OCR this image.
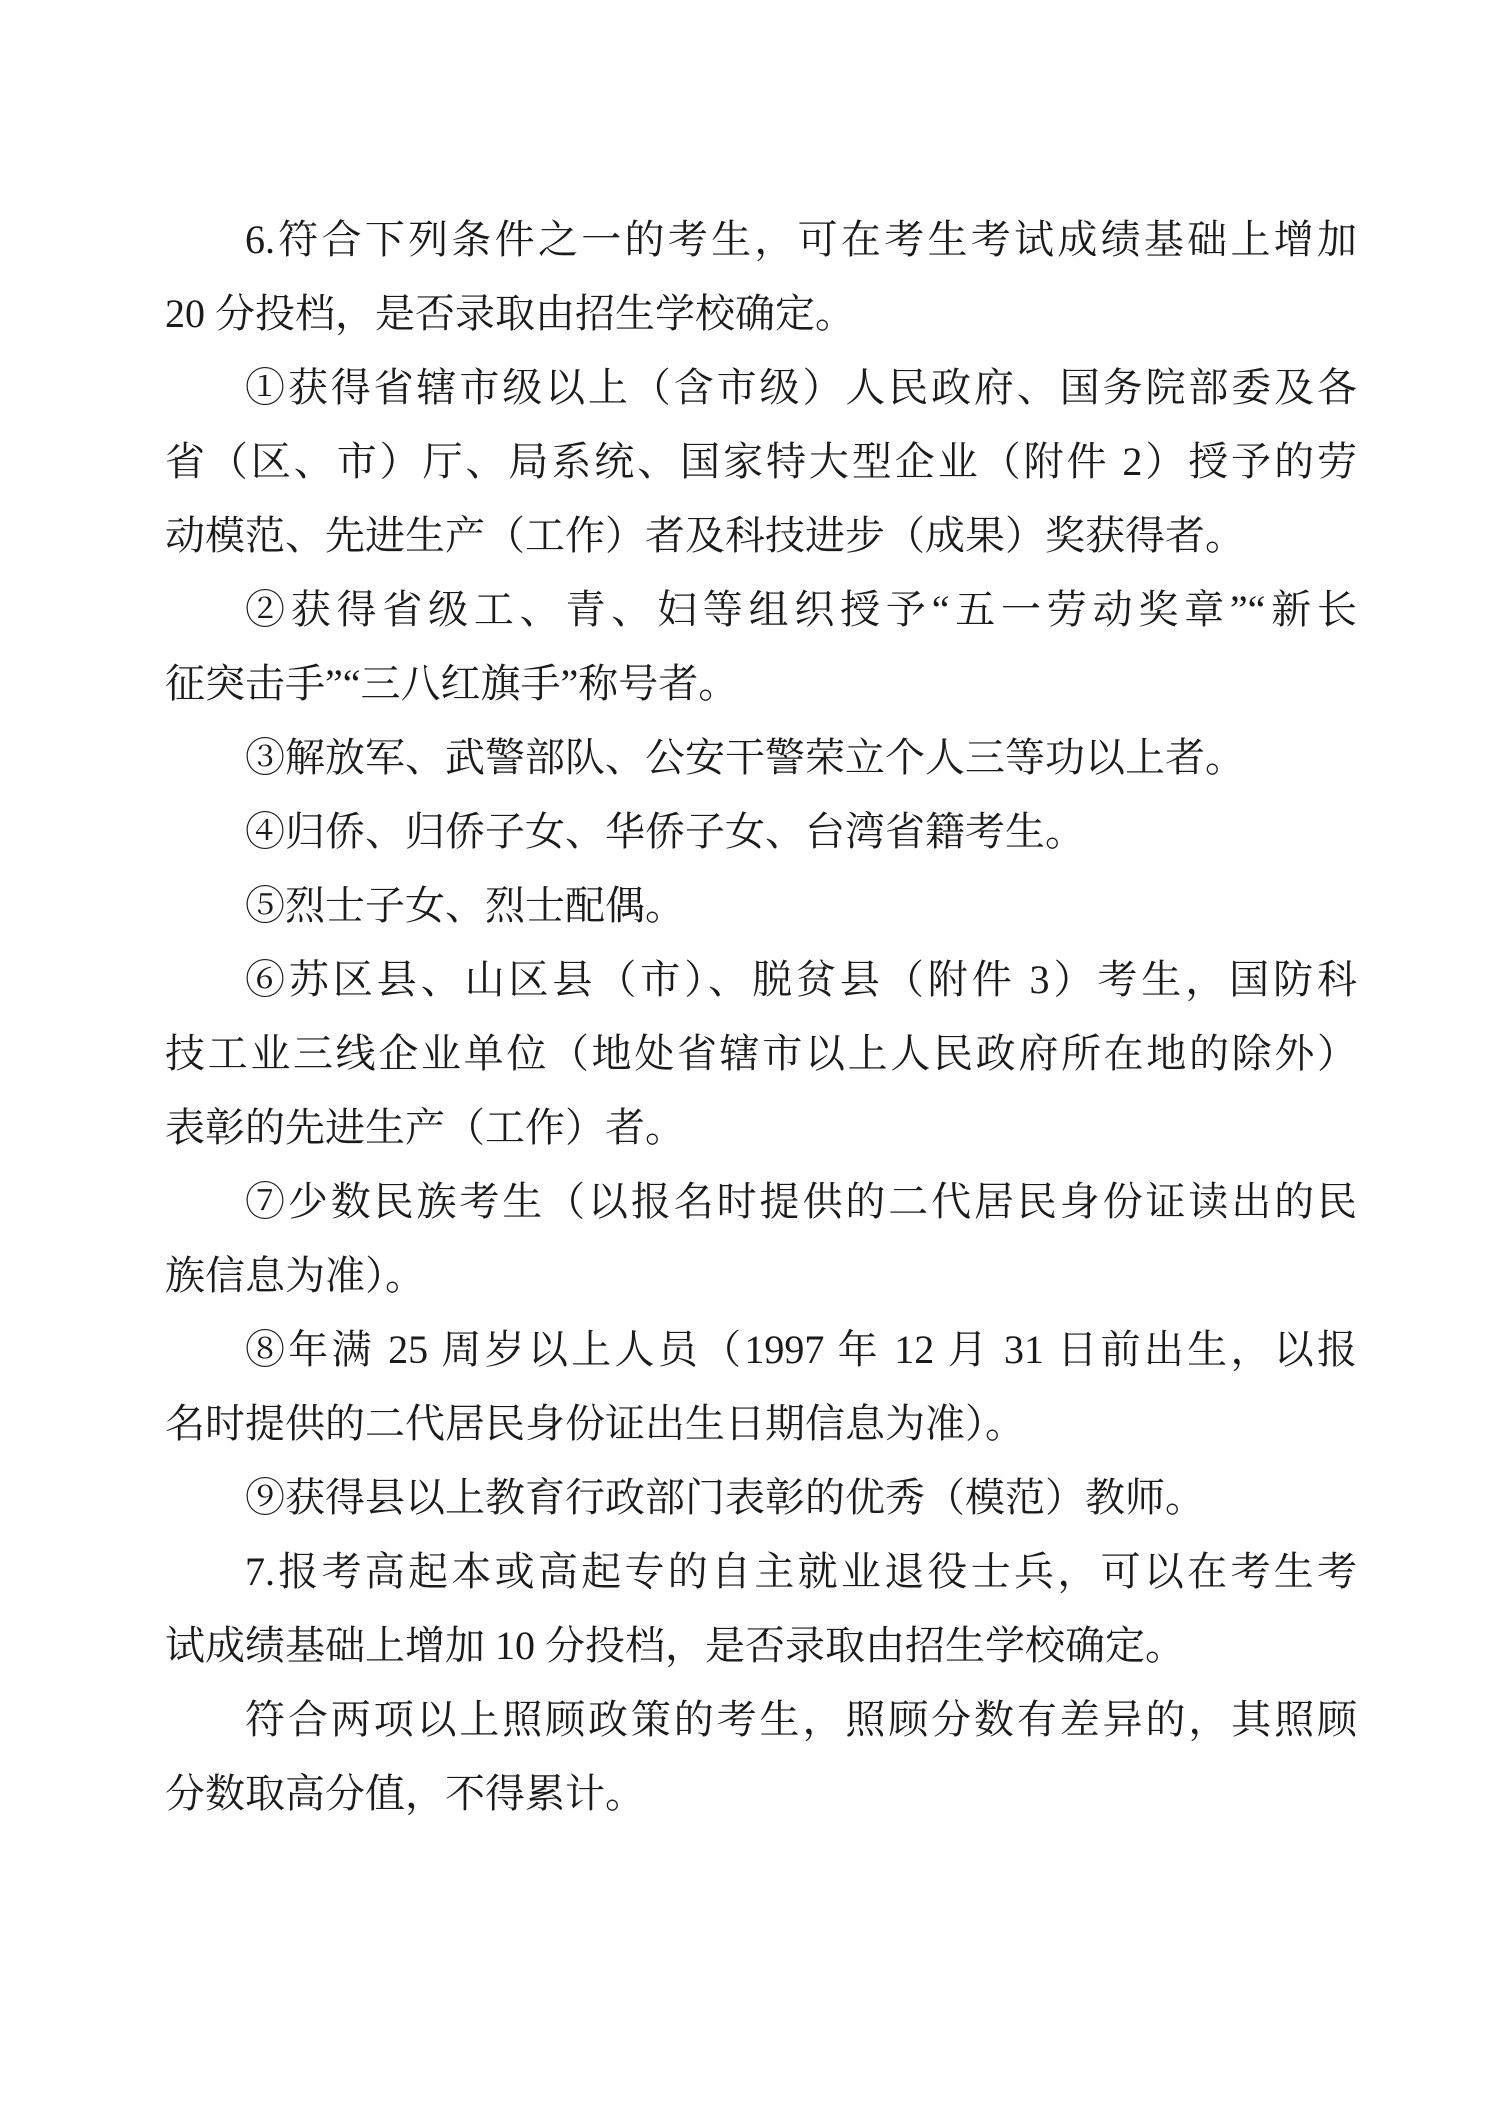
6.符合下列条件之一的考生，可在考生考试成绩基础上增加
20 分投档，是否录取由招生学校确定。
①获得省辖市级以上（含市级）人民政府、国务院部委及各
省（区、市）厅、局系统、国家特大型企业（附件 2）授予的劳
动模范、先进生产（工作）者及科技进步（成果）奖获得者。
②获得省级工、青、妇等组织授予“五一劳动奖章”“新长
征突击手”“三八红旗手”称号者。
③解放军、武警部队、公安干警荣立个人三等功以上者。
④归侨、归侨子女、华侨子女、台湾省籍考生。
⑤烈士子女、烈士配偶。
⑥苏区县、山区县（市）、脱贫县（附件 3）考生，国防科
技工业三线企业单位（地处省辖市以上人民政府所在地的除外）
表彰的先进生产（工作）者。
⑦少数民族考生（以报名时提供的二代居民身份证读出的民
族信息为准）。
⑧年满 25 周岁以上人员（1997 年 12 月 31 日前出生，以报
名时提供的二代居民身份证出生日期信息为准）。
⑨获得县以上教育行政部门表彰的优秀（模范）教师。
7.报考高起本或高起专的自主就业退役士兵，可以在考生考
试成绩基础上增加 10 分投档，是否录取由招生学校确定。
符合两项以上照顾政策的考生，照顾分数有差异的，其照顾
分数取高分值，不得累计。
